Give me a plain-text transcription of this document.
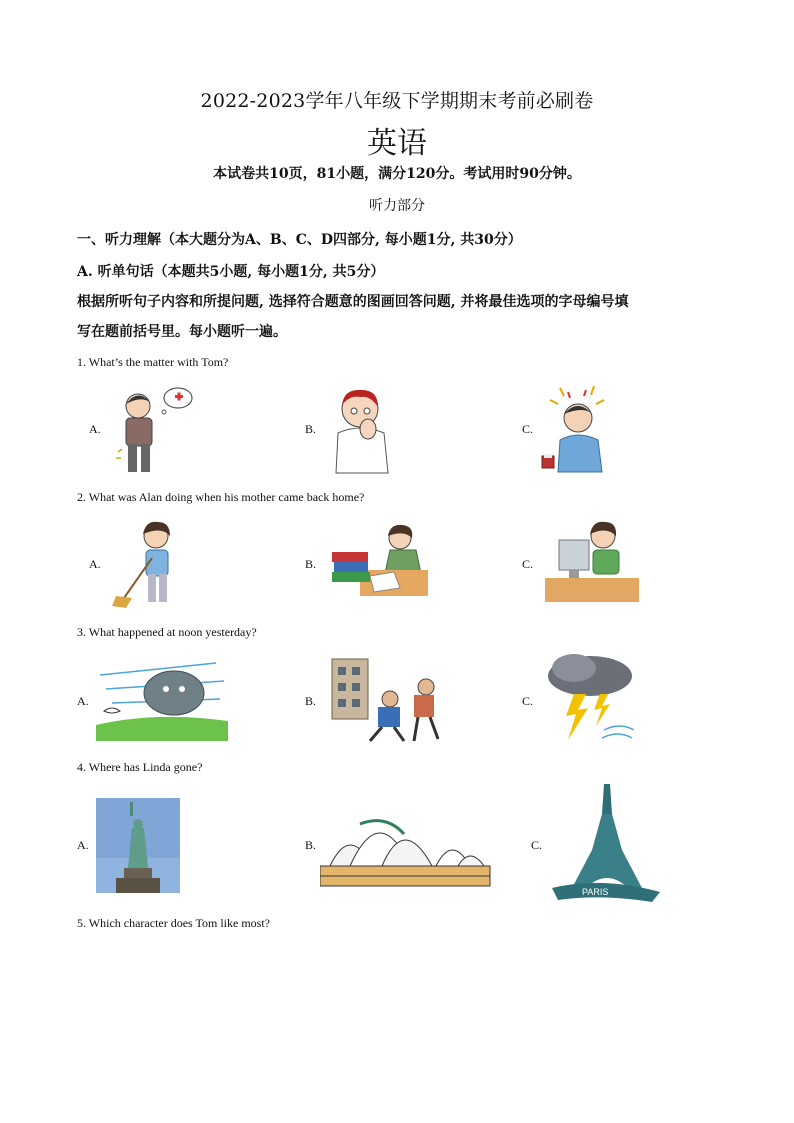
2022-2023学年八年级下学期期末考前必刷卷
英语
本试卷共10页，81小题，满分120分。考试用时90分钟。
听力部分
一、听力理解（本大题分为A、B、C、D四部分, 每小题1分, 共30分）
A. 听单句话（本题共5小题, 每小题1分, 共5分）
根据所听句子内容和所提问题, 选择符合题意的图画回答问题, 并将最佳选项的字母编号填
写在题前括号里。每小题听一遍。
1. What’s the matter with Tom?
A.	B.	C.
2. What was Alan doing when his mother came back home?
A.	B.	C.
3. What happened at noon yesterday?
A.	B.	C.
4. Where has Linda gone?
A.	B.	C.
PARIS
5. Which character does Tom like most?
